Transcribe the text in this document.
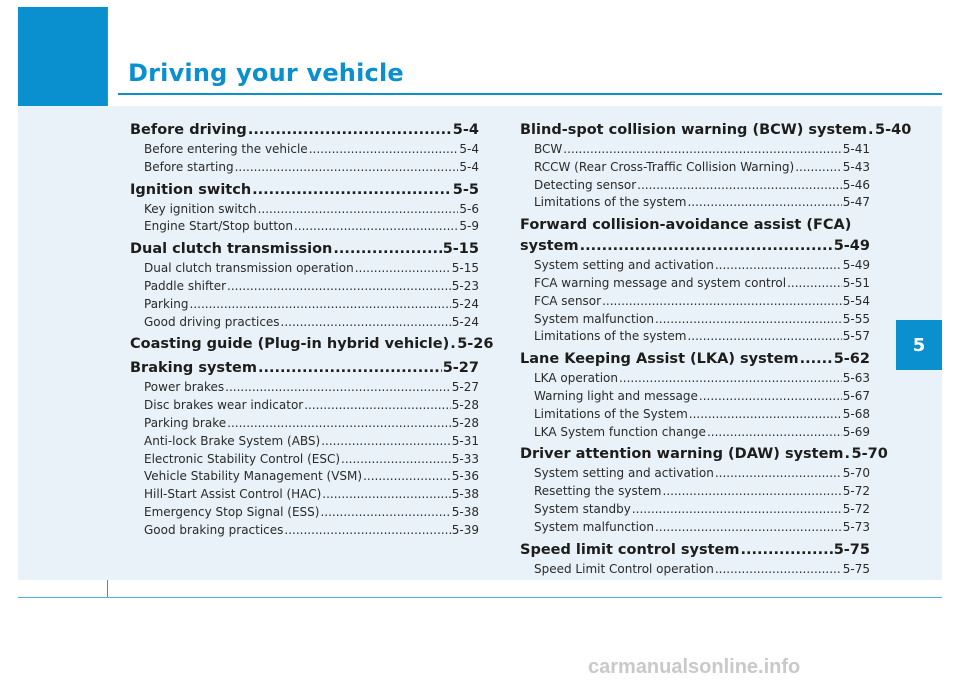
Driving your vehicle
5
Before driving .....	5-4
Before entering the vehicle .....	5-4
Before starting .....	5-4
Ignition switch .....	5-5
Key ignition switch .....	5-6
Engine Start/Stop button .....	5-9
Dual clutch transmission .....	5-15
Dual clutch transmission operation .....	5-15
Paddle shifter .....	5-23
Parking .....	5-24
Good driving practices .....	5-24
Coasting guide (Plug-in hybrid vehicle) ..... 5-26
Braking system .....	5-27
Power brakes .....	5-27
Disc brakes wear indicator .....	5-28
Parking brake .....	5-28
Anti-lock Brake System (ABS) .....	5-31
Electronic Stability Control (ESC) .....	5-33
Vehicle Stability Management (VSM) .....	5-36
Hill-Start Assist Control (HAC) .....	5-38
Emergency Stop Signal (ESS) .....	5-38
Good braking practices .....	5-39
Blind-spot collision warning (BCW) system ..... 5-40
BCW .....	5-41
RCCW (Rear Cross-Traffic Collision Warning) .....	5-43
Detecting sensor .....	5-46
Limitations of the system .....	5-47
Forward collision-avoidance assist (FCA)
system .....	5-49
System setting and activation .....	5-49
FCA warning message and system control .....	5-51
FCA sensor .....	5-54
System malfunction .....	5-55
Limitations of the system .....	5-57
Lane Keeping Assist (LKA) system ..... 5-62
LKA operation .....	5-63
Warning light and message .....	5-67
Limitations of the System .....	5-68
LKA System function change .....	5-69
Driver attention warning (DAW) system ..... 5-70
System setting and activation .....	5-70
Resetting the system .....	5-72
System standby .....	5-72
System malfunction .....	5-73
Speed limit control system .....	5-75
Speed Limit Control operation .....	5-75
carmanualsonline.info
